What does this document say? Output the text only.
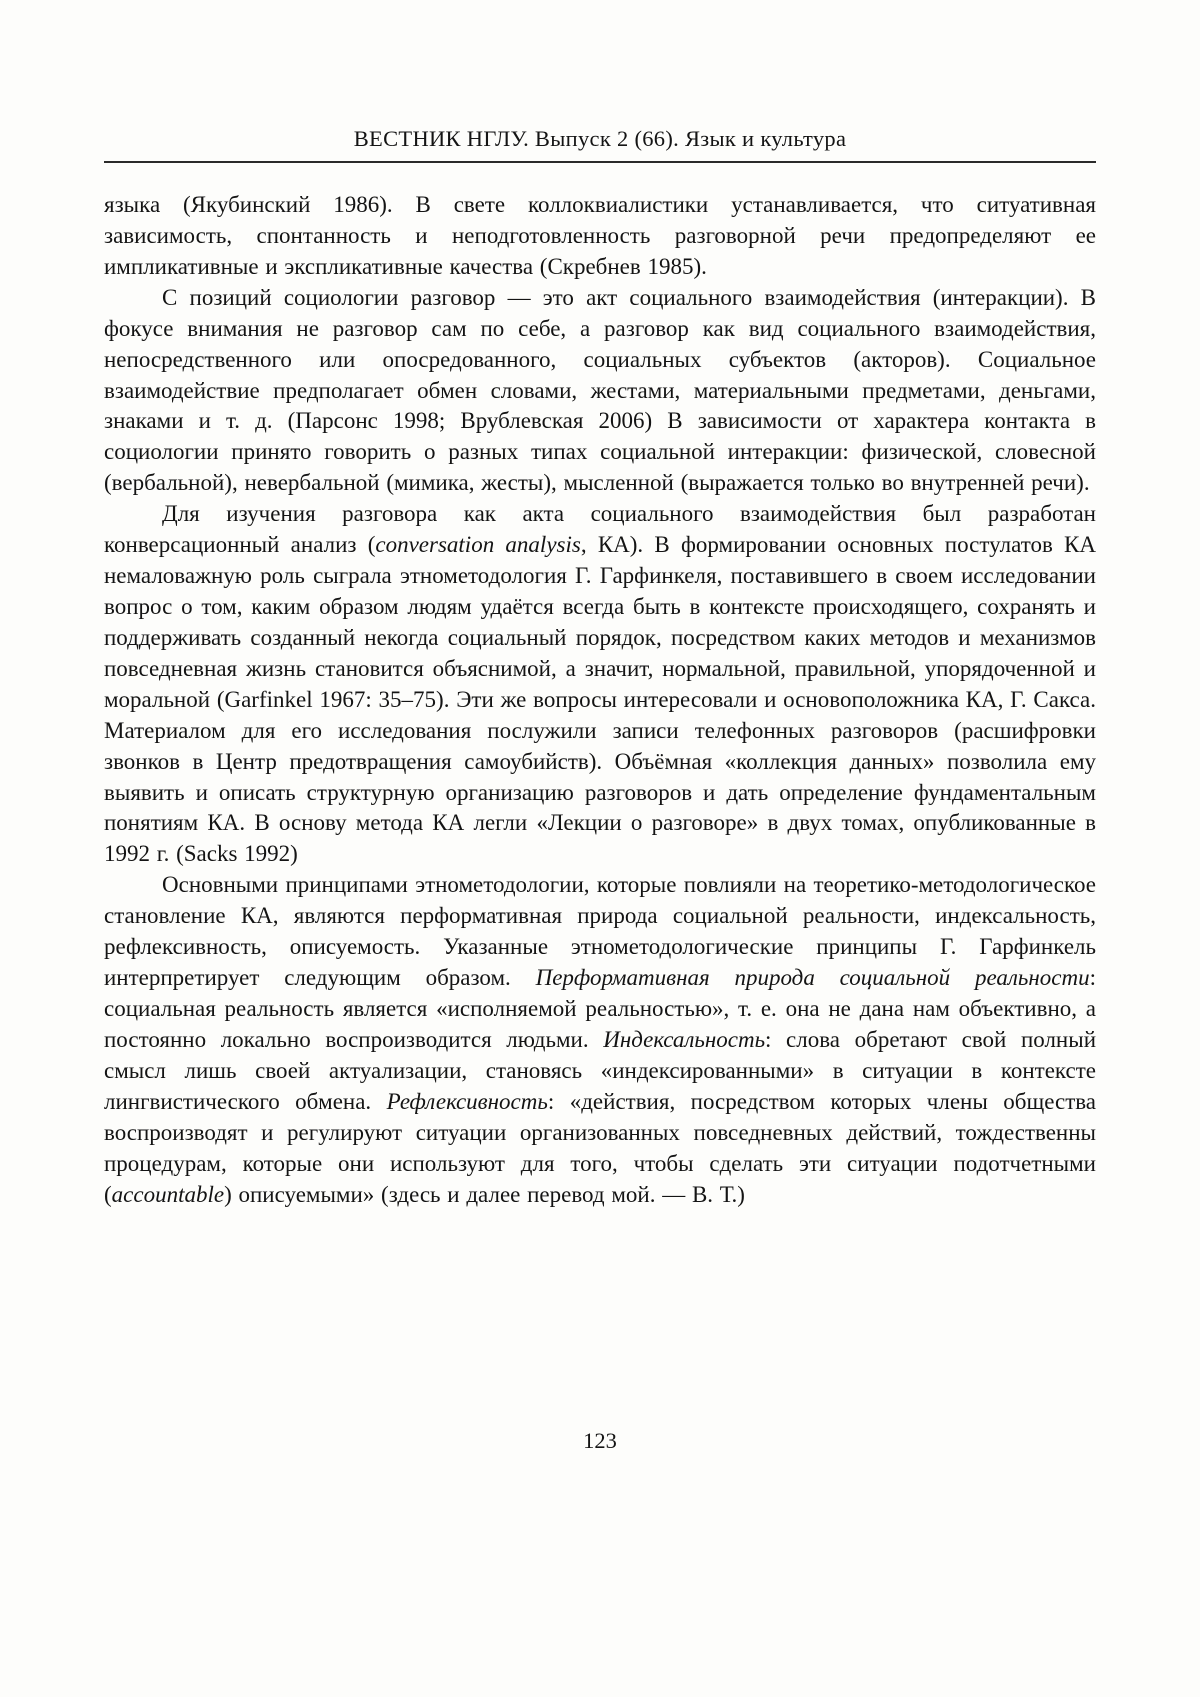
ВЕСТНИК НГЛУ. Выпуск 2 (66). Язык и культура

языка (Якубинский 1986). В свете коллоквиалистики устанавливается, что ситуативная зависимость, спонтанность и неподготовленность разговорной речи предопределяют ее импликативные и экспликативные качества (Скребнев 1985).

С позиций социологии разговор — это акт социального взаимодействия (интеракции). В фокусе внимания не разговор сам по себе, а разговор как вид социального взаимодействия, непосредственного или опосредованного, социальных субъектов (акторов). Социальное взаимодействие предполагает обмен словами, жестами, материальными предметами, деньгами, знаками и т. д. (Парсонс 1998; Врублевская 2006) В зависимости от характера контакта в социологии принято говорить о разных типах социальной интеракции: физической, словесной (вербальной), невербальной (мимика, жесты), мысленной (выражается только во внутренней речи).

Для изучения разговора как акта социального взаимодействия был разработан конверсационный анализ (conversation analysis, КА). В формировании основных постулатов КА немаловажную роль сыграла этнометодология Г. Гарфинкеля, поставившего в своем исследовании вопрос о том, каким образом людям удаётся всегда быть в контексте происходящего, сохранять и поддерживать созданный некогда социальный порядок, посредством каких методов и механизмов повседневная жизнь становится объяснимой, а значит, нормальной, правильной, упорядоченной и моральной (Garfinkel 1967: 35–75). Эти же вопросы интересовали и основоположника КА, Г. Сакса. Материалом для его исследования послужили записи телефонных разговоров (расшифровки звонков в Центр предотвращения самоубийств). Объёмная «коллекция данных» позволила ему выявить и описать структурную организацию разговоров и дать определение фундаментальным понятиям КА. В основу метода КА легли «Лекции о разговоре» в двух томах, опубликованные в 1992 г. (Sacks 1992)

Основными принципами этнометодологии, которые повлияли на теоретико-методологическое становление КА, являются перформативная природа социальной реальности, индексальность, рефлексивность, описуемость. Указанные этнометодологические принципы Г. Гарфинкель интерпретирует следующим образом. Перформативная природа социальной реальности: социальная реальность является «исполняемой реальностью», т. е. она не дана нам объективно, а постоянно локально воспроизводится людьми. Индексальность: слова обретают свой полный смысл лишь своей актуализации, становясь «индексированными» в ситуации в контексте лингвистического обмена. Рефлексивность: «действия, посредством которых члены общества воспроизводят и регулируют ситуации организованных повседневных действий, тождественны процедурам, которые они используют для того, чтобы сделать эти ситуации подотчетными (accountable) описуемыми» (здесь и далее перевод мой. — В. Т.)

123
